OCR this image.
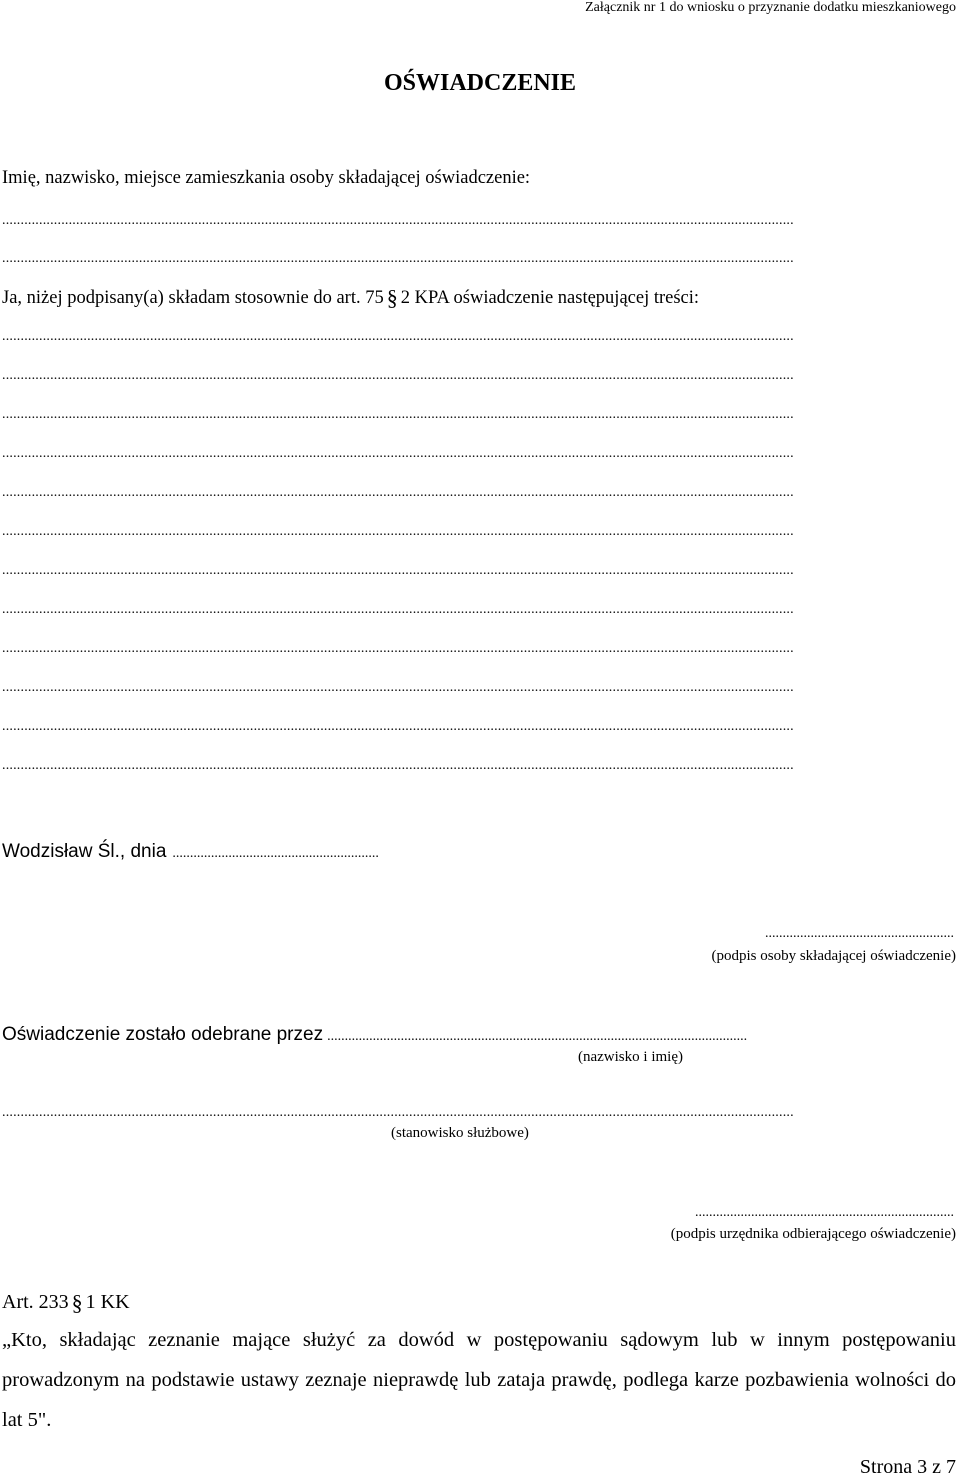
Załącznik nr 1 do wniosku o przyznanie dodatku mieszkaniowego
OŚWIADCZENIE
Imię, nazwisko, miejsce zamieszkania osoby składającej oświadczenie:
......................................................................................................................................................................................................................
......................................................................................................................................................................................................................
Ja, niżej podpisany(a) składam stosownie do art. 75 § 2 KPA oświadczenie następującej treści:
......................................................................................................................................................................................................................
......................................................................................................................................................................................................................
......................................................................................................................................................................................................................
......................................................................................................................................................................................................................
......................................................................................................................................................................................................................
......................................................................................................................................................................................................................
......................................................................................................................................................................................................................
......................................................................................................................................................................................................................
......................................................................................................................................................................................................................
......................................................................................................................................................................................................................
......................................................................................................................................................................................................................
......................................................................................................................................................................................................................
Wodzisław Śl., dnia ...........................................................
......................................................
(podpis osoby składającej oświadczenie)
Oświadczenie zostało odebrane przez ........................................................................................................................
(nazwisko i imię)
......................................................................................................................................................................................................................
(stanowisko służbowe)
..........................................................................
(podpis urzędnika odbierającego oświadczenie)
Art. 233 § 1 KK
„Kto, składając zeznanie mające służyć za dowód w postępowaniu sądowym lub w innym postępowaniu prowadzonym na podstawie ustawy zeznaje nieprawdę lub zataja prawdę, podlega karze pozbawienia wolności do lat 5".
Strona 3 z 7
